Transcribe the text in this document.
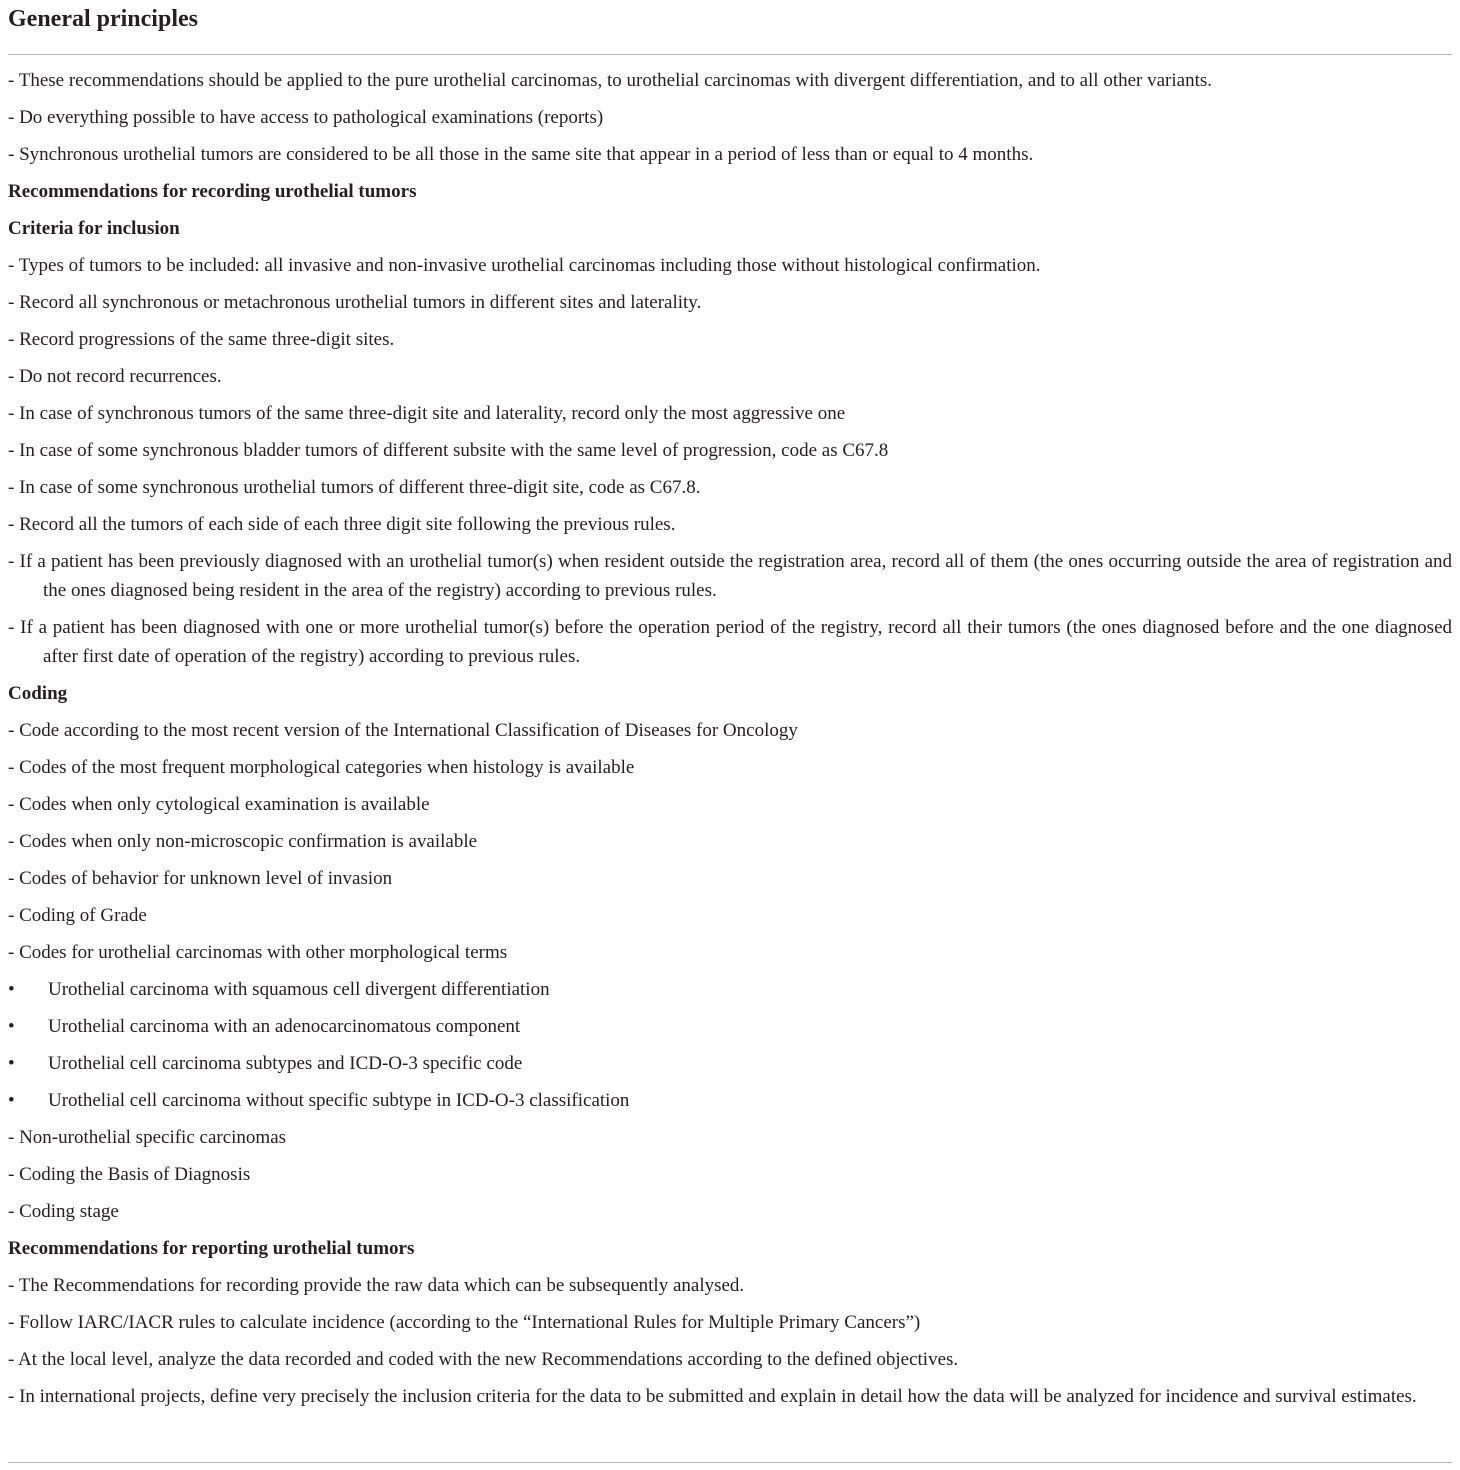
General principles
- These recommendations should be applied to the pure urothelial carcinomas, to urothelial carcinomas with divergent differentiation, and to all other variants.
- Do everything possible to have access to pathological examinations (reports)
- Synchronous urothelial tumors are considered to be all those in the same site that appear in a period of less than or equal to 4 months.
Recommendations for recording urothelial tumors
Criteria for inclusion
- Types of tumors to be included: all invasive and non-invasive urothelial carcinomas including those without histological confirmation.
- Record all synchronous or metachronous urothelial tumors in different sites and laterality.
- Record progressions of the same three-digit sites.
- Do not record recurrences.
- In case of synchronous tumors of the same three-digit site and laterality, record only the most aggressive one
- In case of some synchronous bladder tumors of different subsite with the same level of progression, code as C67.8
- In case of some synchronous urothelial tumors of different three-digit site, code as C67.8.
- Record all the tumors of each side of each three digit site following the previous rules.
- If a patient has been previously diagnosed with an urothelial tumor(s) when resident outside the registration area, record all of them (the ones occurring outside the area of registration and the ones diagnosed being resident in the area of the registry) according to previous rules.
- If a patient has been diagnosed with one or more urothelial tumor(s) before the operation period of the registry, record all their tumors (the ones diagnosed before and the one diagnosed after first date of operation of the registry) according to previous rules.
Coding
- Code according to the most recent version of the International Classification of Diseases for Oncology
- Codes of the most frequent morphological categories when histology is available
- Codes when only cytological examination is available
- Codes when only non-microscopic confirmation is available
- Codes of behavior for unknown level of invasion
- Coding of Grade
- Codes for urothelial carcinomas with other morphological terms
• Urothelial carcinoma with squamous cell divergent differentiation
• Urothelial carcinoma with an adenocarcinomatous component
• Urothelial cell carcinoma subtypes and ICD-O-3 specific code
• Urothelial cell carcinoma without specific subtype in ICD-O-3 classification
- Non-urothelial specific carcinomas
- Coding the Basis of Diagnosis
- Coding stage
Recommendations for reporting urothelial tumors
- The Recommendations for recording provide the raw data which can be subsequently analysed.
- Follow IARC/IACR rules to calculate incidence (according to the “International Rules for Multiple Primary Cancers”)
- At the local level, analyze the data recorded and coded with the new Recommendations according to the defined objectives.
- In international projects, define very precisely the inclusion criteria for the data to be submitted and explain in detail how the data will be analyzed for incidence and survival estimates.
